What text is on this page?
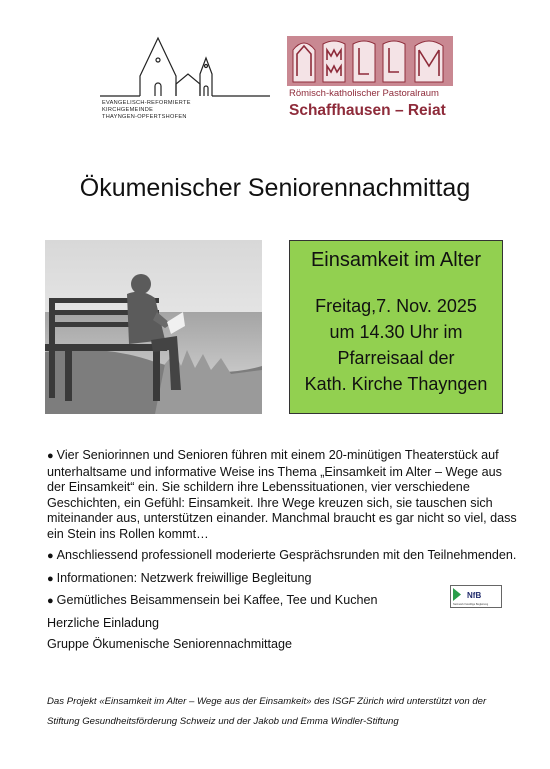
EVANGELISCH-REFORMIERTE
KIRCHGEMEINDE
THAYNGEN-OPFERTSHOFEN
Römisch-katholischer Pastoralraum
Schaffhausen – Reiat
Ökumenischer Seniorennachmittag
Einsamkeit im Alter
Freitag,7. Nov. 2025
um 14.30 Uhr im
Pfarreisaal der
Kath. Kirche Thayngen

● Vier Seniorinnen und Senioren führen mit einem 20-minütigen Theaterstück auf unterhaltsame und informative Weise ins Thema „Einsamkeit im Alter – Wege aus der Einsamkeit“ ein. Sie schildern ihre Lebenssituationen, vier verschiedene Geschichten, ein Gefühl: Einsamkeit. Ihre Wege kreuzen sich, sie tauschen sich miteinander aus, unterstützen einander. Manchmal braucht es gar nicht so viel, dass ein Stein ins Rollen kommt…

● Anschliessend professionell moderierte Gesprächsrunden mit den Teilnehmenden.

● Informationen: Netzwerk freiwillige Begleitung

● Gemütliches Beisammensein bei Kaffee, Tee und Kuchen

Herzliche Einladung

Gruppe Ökumenische Seniorennachmittage

NfB
Netzwerk freiwillige Begleitung
Das Projekt «Einsamkeit im Alter – Wege aus der Einsamkeit» des ISGF Zürich wird unterstützt von der Stiftung Gesundheitsförderung Schweiz und der Jakob und Emma Windler-Stiftung
